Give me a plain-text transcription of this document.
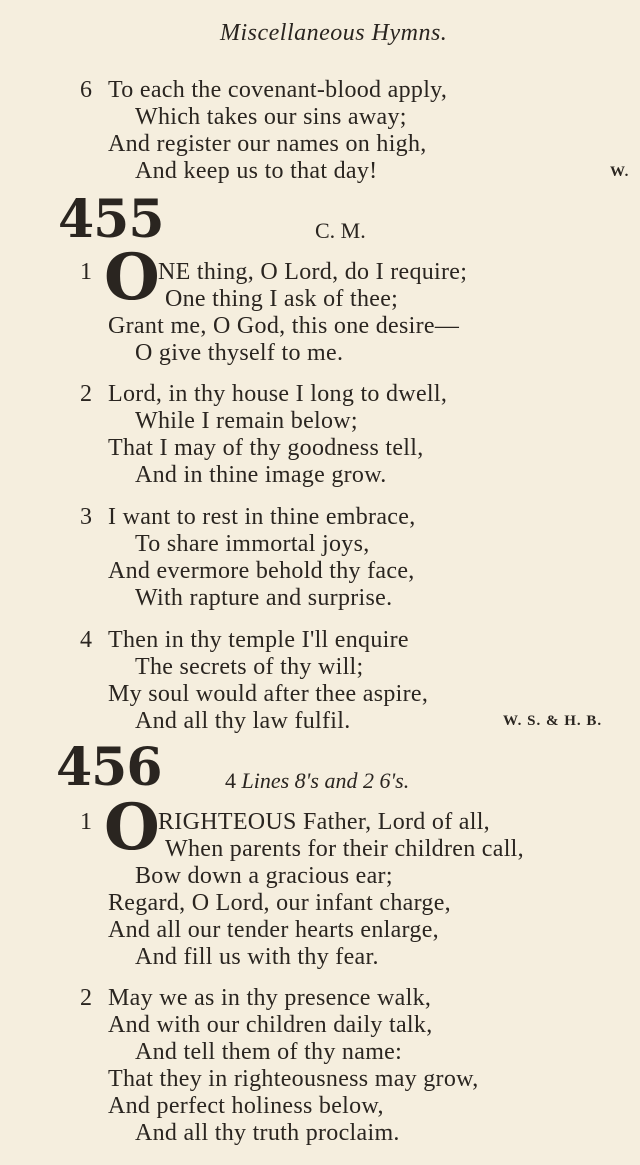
Miscellaneous Hymns.
6 To each the covenant-blood apply,
Which takes our sins away;
And register our names on high,
And keep us to that day!	W.
455	C. M.
1 O
NE thing, O Lord, do I require;
One thing I ask of thee;
Grant me, O God, this one desire—
O give thyself to me.
2 Lord, in thy house I long to dwell,
While I remain below;
That I may of thy goodness tell,
And in thine image grow.
3 I want to rest in thine embrace,
To share immortal joys,
And evermore behold thy face,
With rapture and surprise.
4 Then in thy temple I'll enquire
The secrets of thy will;
My soul would after thee aspire,
And all thy law fulfil.	W. S. & H. B.
456	4 Lines 8's and 2 6's.
1 O
RIGHTEOUS Father, Lord of all,
When parents for their children call,
Bow down a gracious ear;
Regard, O Lord, our infant charge,
And all our tender hearts enlarge,
And fill us with thy fear.
2 May we as in thy presence walk,
And with our children daily talk,
And tell them of thy name:
That they in righteousness may grow,
And perfect holiness below,
And all thy truth proclaim.
